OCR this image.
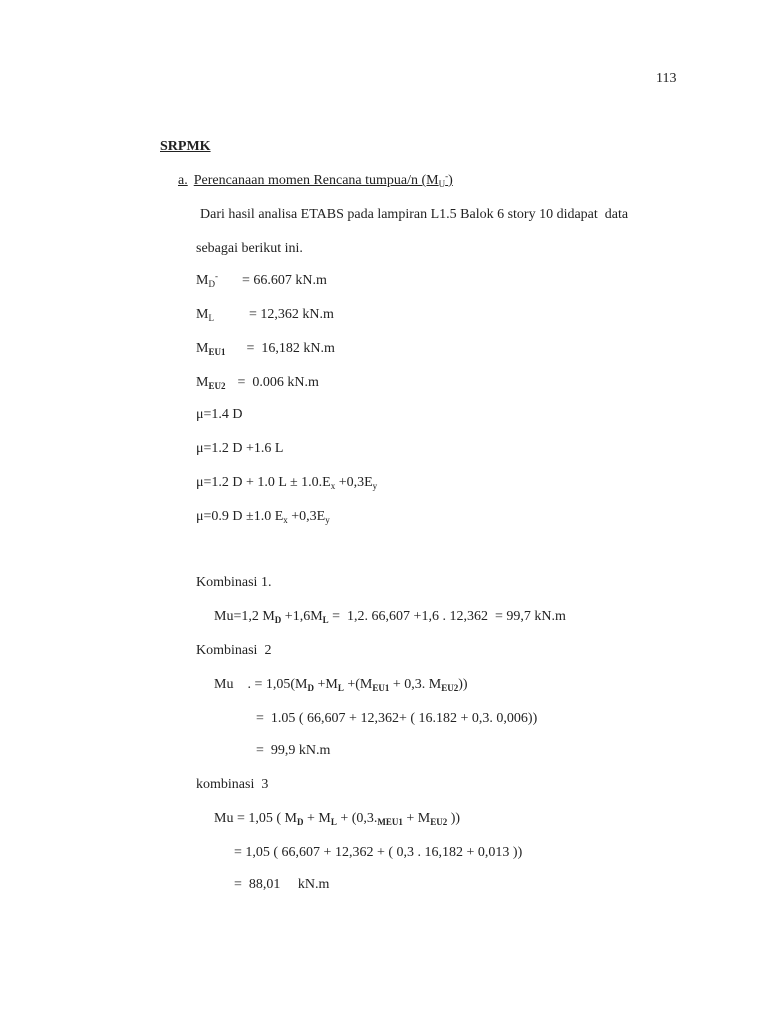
113
SRPMK
a. Perencanaan momen Rencana tumpua/n $(M_U^-)$
Dari hasil analisa ETABS pada lampiran L1.5 Balok 6 story 10 didapat  data
sebagai berikut ini.
$M_D^- = 66.607$ kN.m
$M_L$	= 12,362 kN.m
$M_{EU1} = 16,182$ kN.m
$M_{EU2} = 0.006$ kN.m
μ=1.4 D
μ=1.2 D +1.6 L
μ=1.2 D + 1.0 $L \pm 1.0.E_x +0,3E_y$
μ=0.9 D ±1.0 $E_x +0,3E_y$
Kombinasi 1.
Mu=1,2 $M_D +1,6M_L = 1,2$. 66,607 +1,6 . 12,362  = 99,7 kN.m
Kombinasi  2
Mu    . = $1,05(M_D +M_L +(M_{EU1} + 0,3$. $M_{EU2}$))
=  1.05 ( 66,607 + 12,362+ ( 16.182 + 0,3. 0,006))
=  99,9 kN.m
kombinasi  3
Mu = 1,05 ( $M_D + M_L + (0,3._{MEU1} + M_{EU2}$ ))
= 1,05 ( 66,607 + 12,362 + ( 0,3 . 16,182 + 0,013 ))
=  88,01     kN.m
